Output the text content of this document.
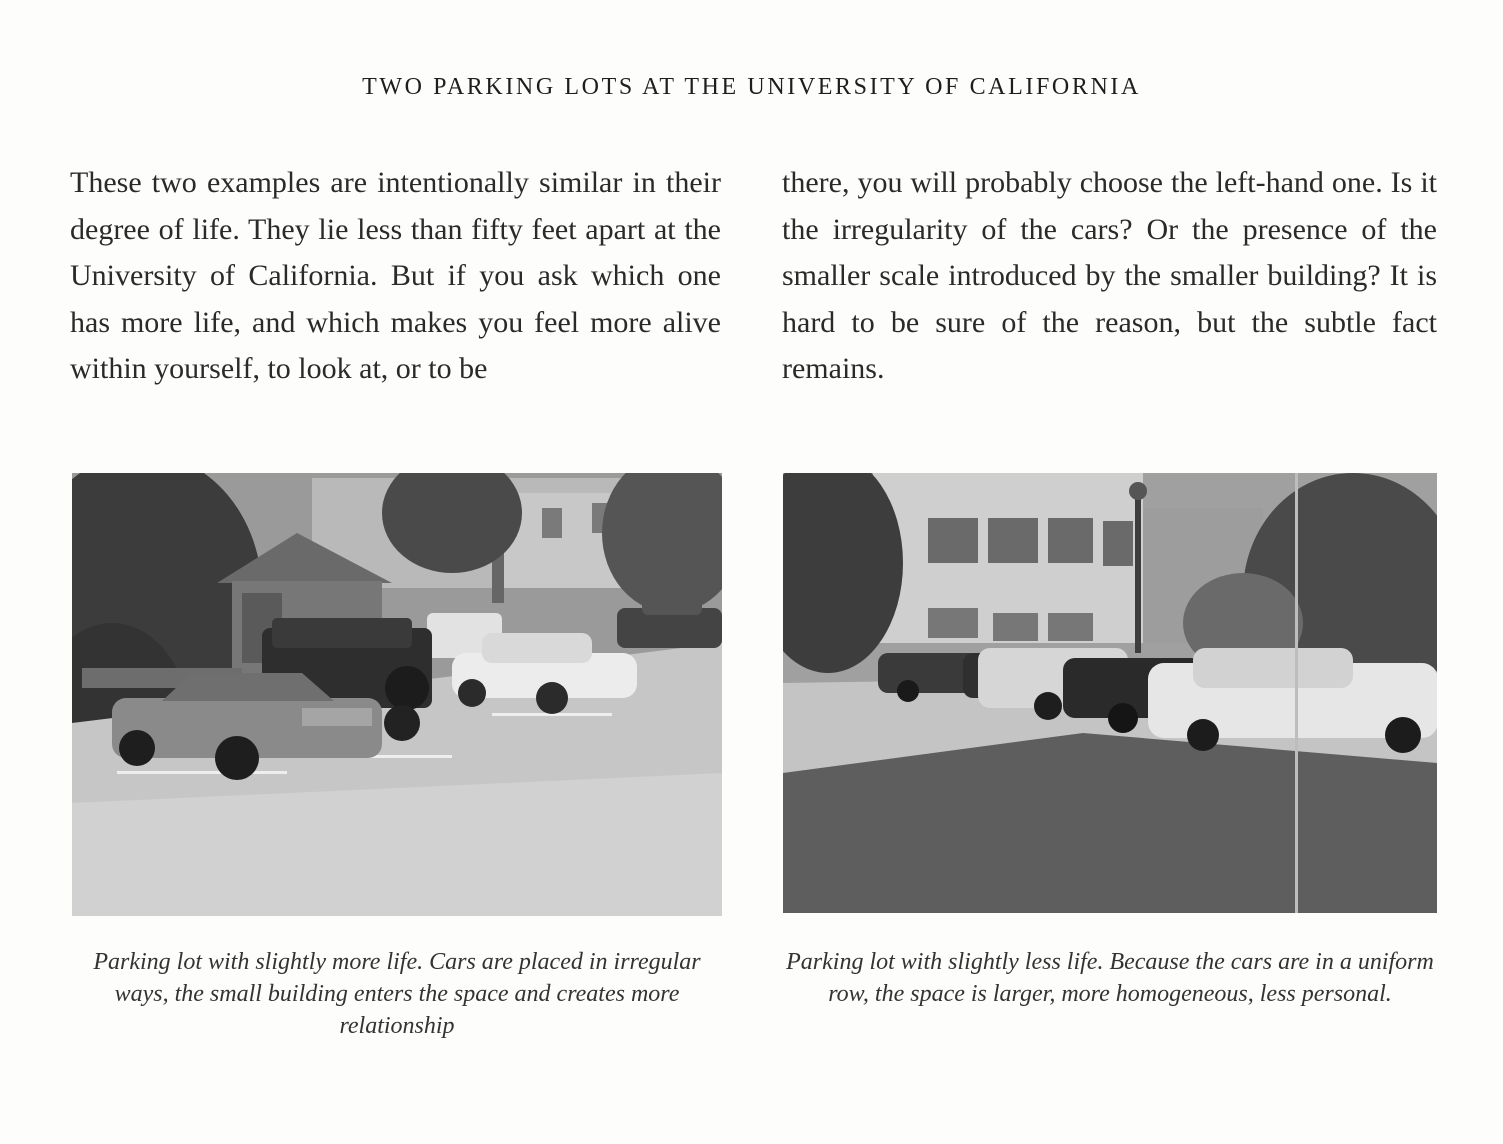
TWO PARKING LOTS AT THE UNIVERSITY OF CALIFORNIA
These two examples are intentionally similar in their degree of life. They lie less than fifty feet apart at the University of California. But if you ask which one has more life, and which makes you feel more alive within yourself, to look at, or to be
there, you will probably choose the left-hand one. Is it the irregularity of the cars? Or the presence of the smaller scale introduced by the smaller building? It is hard to be sure of the reason, but the subtle fact remains.
Parking lot with slightly more life. Cars are placed in irregular ways, the small building enters the space and creates more relationship
Parking lot with slightly less life. Because the cars are in a uniform row, the space is larger, more homogeneous, less personal.
